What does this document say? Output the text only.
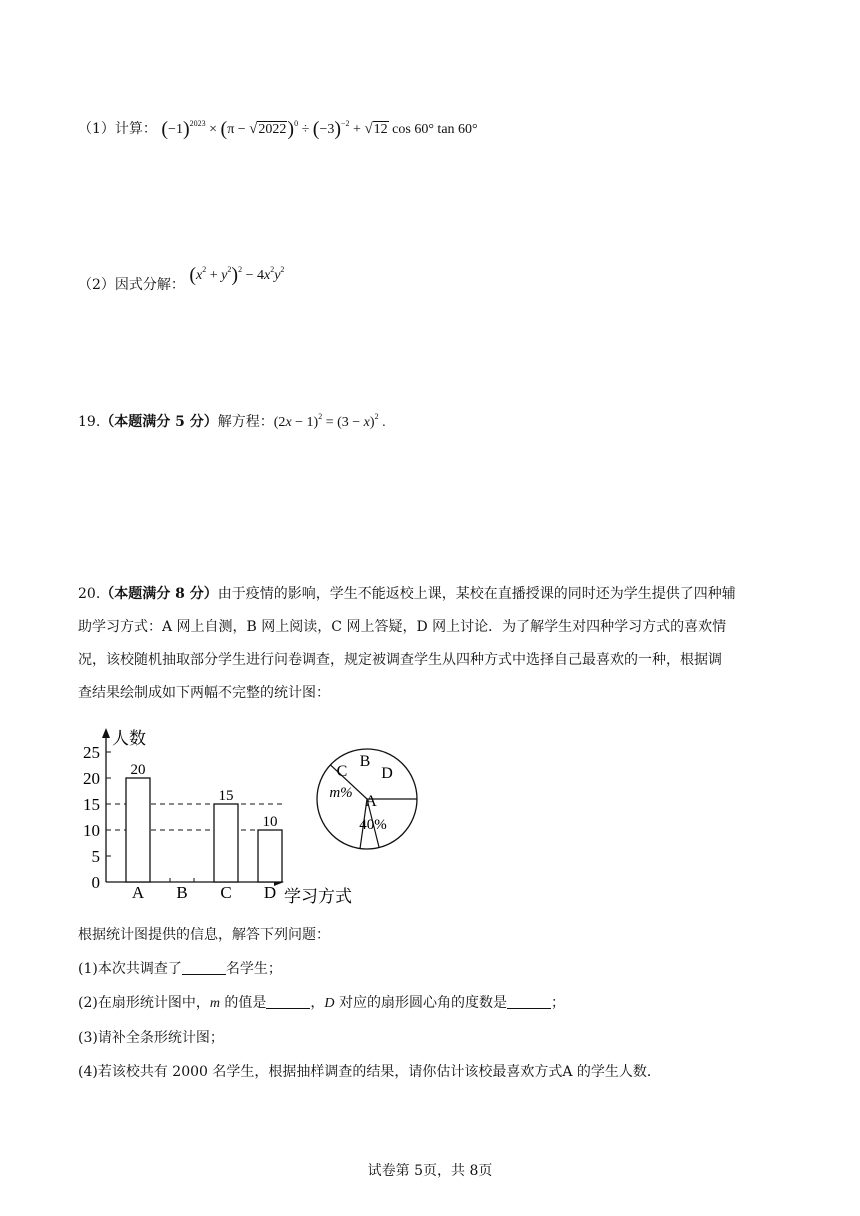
（1）计算： $(-1)^{2023} \times (\pi - √2022)^0 \div (-3)^{-2} + √12$ cos 60° tan 60°
（2）因式分解： $(x^2 + y^2)^2 - 4x^2y^2$
19.（本题满分 5 分）解方程：$(2x - 1)^2 = (3 - x)^2$ .
20.（本题满分 8 分）由于疫情的影响，学生不能返校上课，某校在直播授课的同时还为学生提供了四种辅
助学习方式：A 网上自测，B 网上阅读，C 网上答疑，D 网上讨论．为了解学生对四种学习方式的喜欢情
况，该校随机抽取部分学生进行问卷调查，规定被调查学生从四种方式中选择自己最喜欢的一种，根据调
查结果绘制成如下两幅不完整的统计图：
0
5
10
15
20
25
20
A B
15
C
10
D
人数
学习方式
A
40%
B
C
m%
D
根据统计图提供的信息，解答下列问题：
(1)本次共调查了	名学生；
(2)在扇形统计图中，m 的值是	，D 对应的扇形圆心角的度数是	；
(3)请补全条形统计图；
(4)若该校共有 2000 名学生，根据抽样调查的结果，请你估计该校最喜欢方式A 的学生人数．
试卷第 5页，共 8页
